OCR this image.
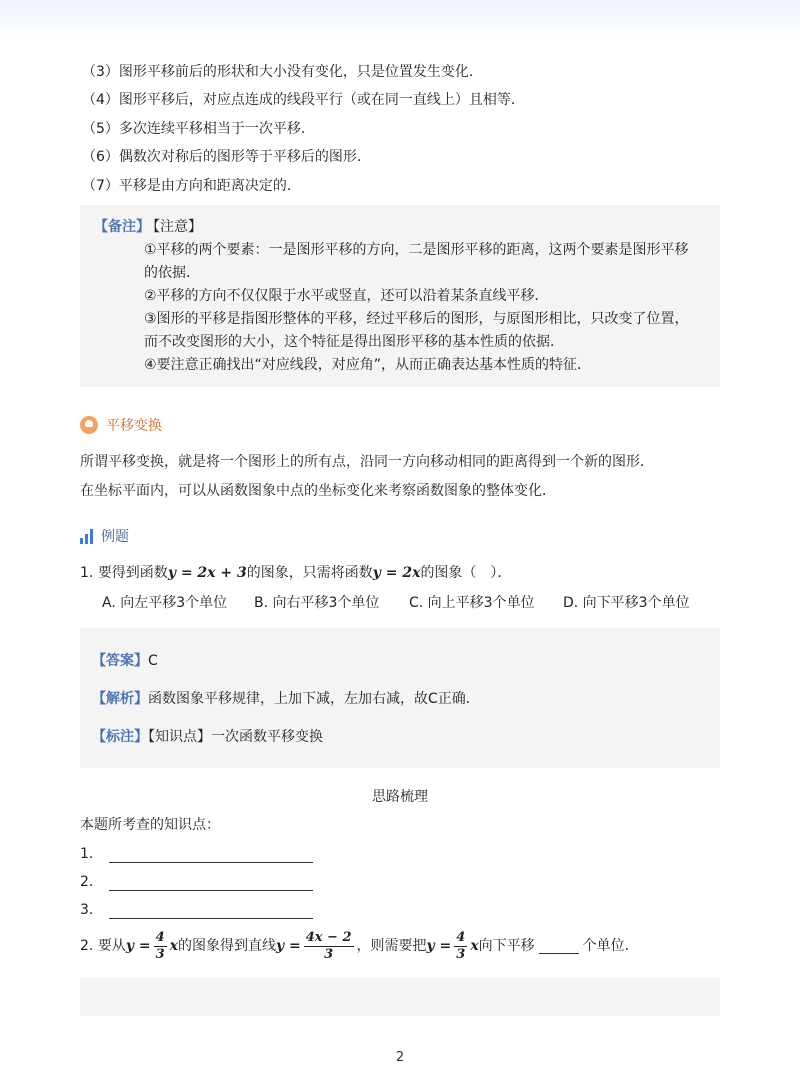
（3）图形平移前后的形状和大小没有变化，只是位置发生变化．
（4）图形平移后，对应点连成的线段平行（或在同一直线上）且相等．
（5）多次连续平移相当于一次平移．
（6）偶数次对称后的图形等于平移后的图形．
（7）平移是由方向和距离决定的．
【备注】
【注意】
①平移的两个要素：一是图形平移的方向，二是图形平移的距离，这两个要素是图形平移
的依据．
②平移的方向不仅仅限于水平或竖直，还可以沿着某条直线平移．
③图形的平移是指图形整体的平移，经过平移后的图形，与原图形相比，只改变了位置，
而不改变图形的大小，这个特征是得出图形平移的基本性质的依据．
④要注意正确找出“对应线段，对应角”，从而正确表达基本性质的特征．
平移变换
所谓平移变换，就是将一个图形上的所有点，沿同一方向移动相同的距离得到一个新的图形．
在坐标平面内，可以从函数图象中点的坐标变化来考察函数图象的整体变化．
例题
1. 要得到函数y = 2x + 3的图象，只需将函数y = 2x的图象（　）．
A. 向左平移3个单位 B. 向右平移3个单位 C. 向上平移3个单位 D. 向下平移3个单位
【答案】C
【解析】函数图象平移规律，上加下减，左加右减，故C正确．
【标注】【知识点】一次函数平移变换
思路梳理
本题所考查的知识点：
1．
2．
3．
2.
要从 $y = \frac{4}{3}$ x 的图象得到直线 $y = \frac{4x - 2}{3}$ ，则需要把 $y = \frac{4}{3}$ x 向下平移	个单位．
2
